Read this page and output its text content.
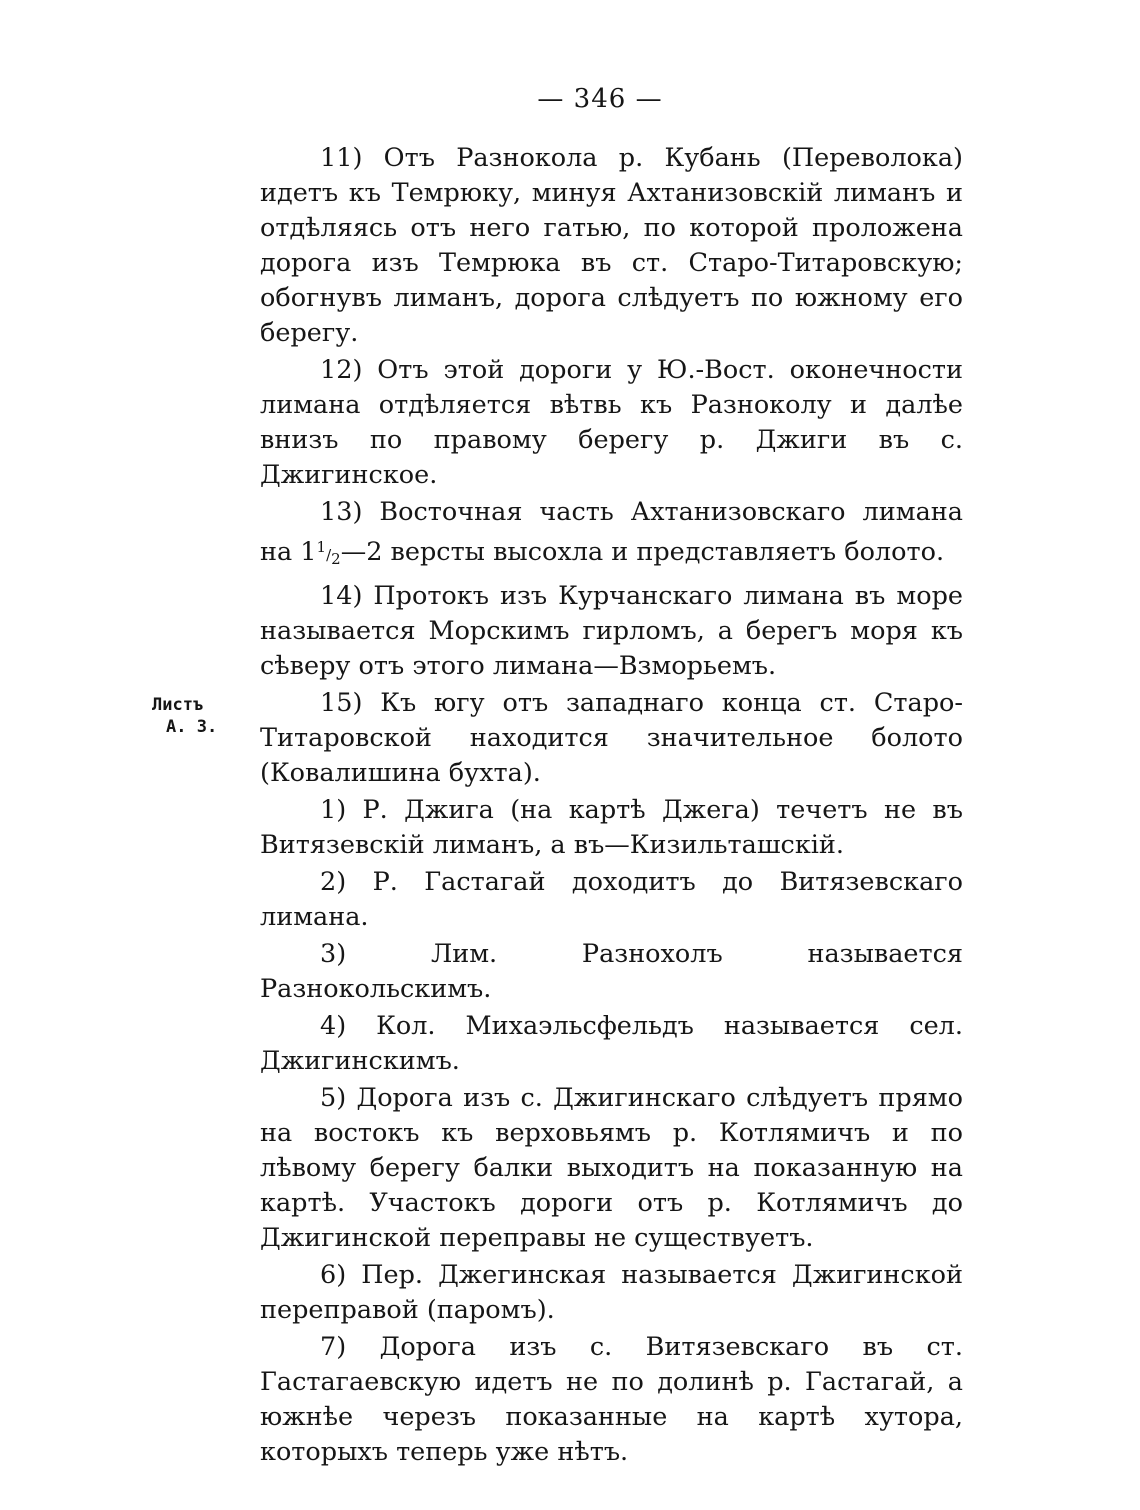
— 346 —
Листъ
А. 3.

11) Отъ Разнокола р. Кубань (Переволока) идетъ къ Темрюку, минуя Ахтанизовскій лиманъ и отдѣляясь отъ него гатью, по которой проложена дорога изъ Темрюка въ ст. Старо-Титаровскую; обогнувъ лиманъ, дорога слѣдуетъ по южному его берегу.

12) Отъ этой дороги у Ю.-Вост. оконечности лимана отдѣляется вѣтвь къ Разноколу и далѣе внизъ по правому берегу р. Джиги въ с. Джигинское.

13) Восточная часть Ахтанизовскаго лимана на 11/2—2 версты высохла и представляетъ болото.

14) Протокъ изъ Курчанскаго лимана въ море называется Морскимъ гирломъ, а берегъ моря къ сѣверу отъ этого лимана—Взморьемъ.

15) Къ югу отъ западнаго конца ст. Старо-Титаровской находится значительное болото (Ковалишина бухта).

1) Р. Джига (на картѣ Джега) течетъ не въ Витязевскій лиманъ, а въ—Кизильташскій.

2) Р. Гастагай доходитъ до Витязевскаго лимана.

3) Лим. Разнохолъ называется Разнокольскимъ.

4) Кол. Михаэльсфельдъ называется сел. Джигинскимъ.

5) Дорога изъ с. Джигинскаго слѣдуетъ прямо на востокъ къ верховьямъ р. Котлямичъ и по лѣвому берегу балки выходитъ на показанную на картѣ. Участокъ дороги отъ р. Котлямичъ до Джигинской переправы не существуетъ.

6) Пер. Джегинская называется Джигинской переправой (паромъ).

7) Дорога изъ с. Витязевскаго въ ст. Гастагаевскую идетъ не по долинѣ р. Гастагай, а южнѣе черезъ показанные на картѣ хутора, которыхъ теперь уже нѣтъ.
